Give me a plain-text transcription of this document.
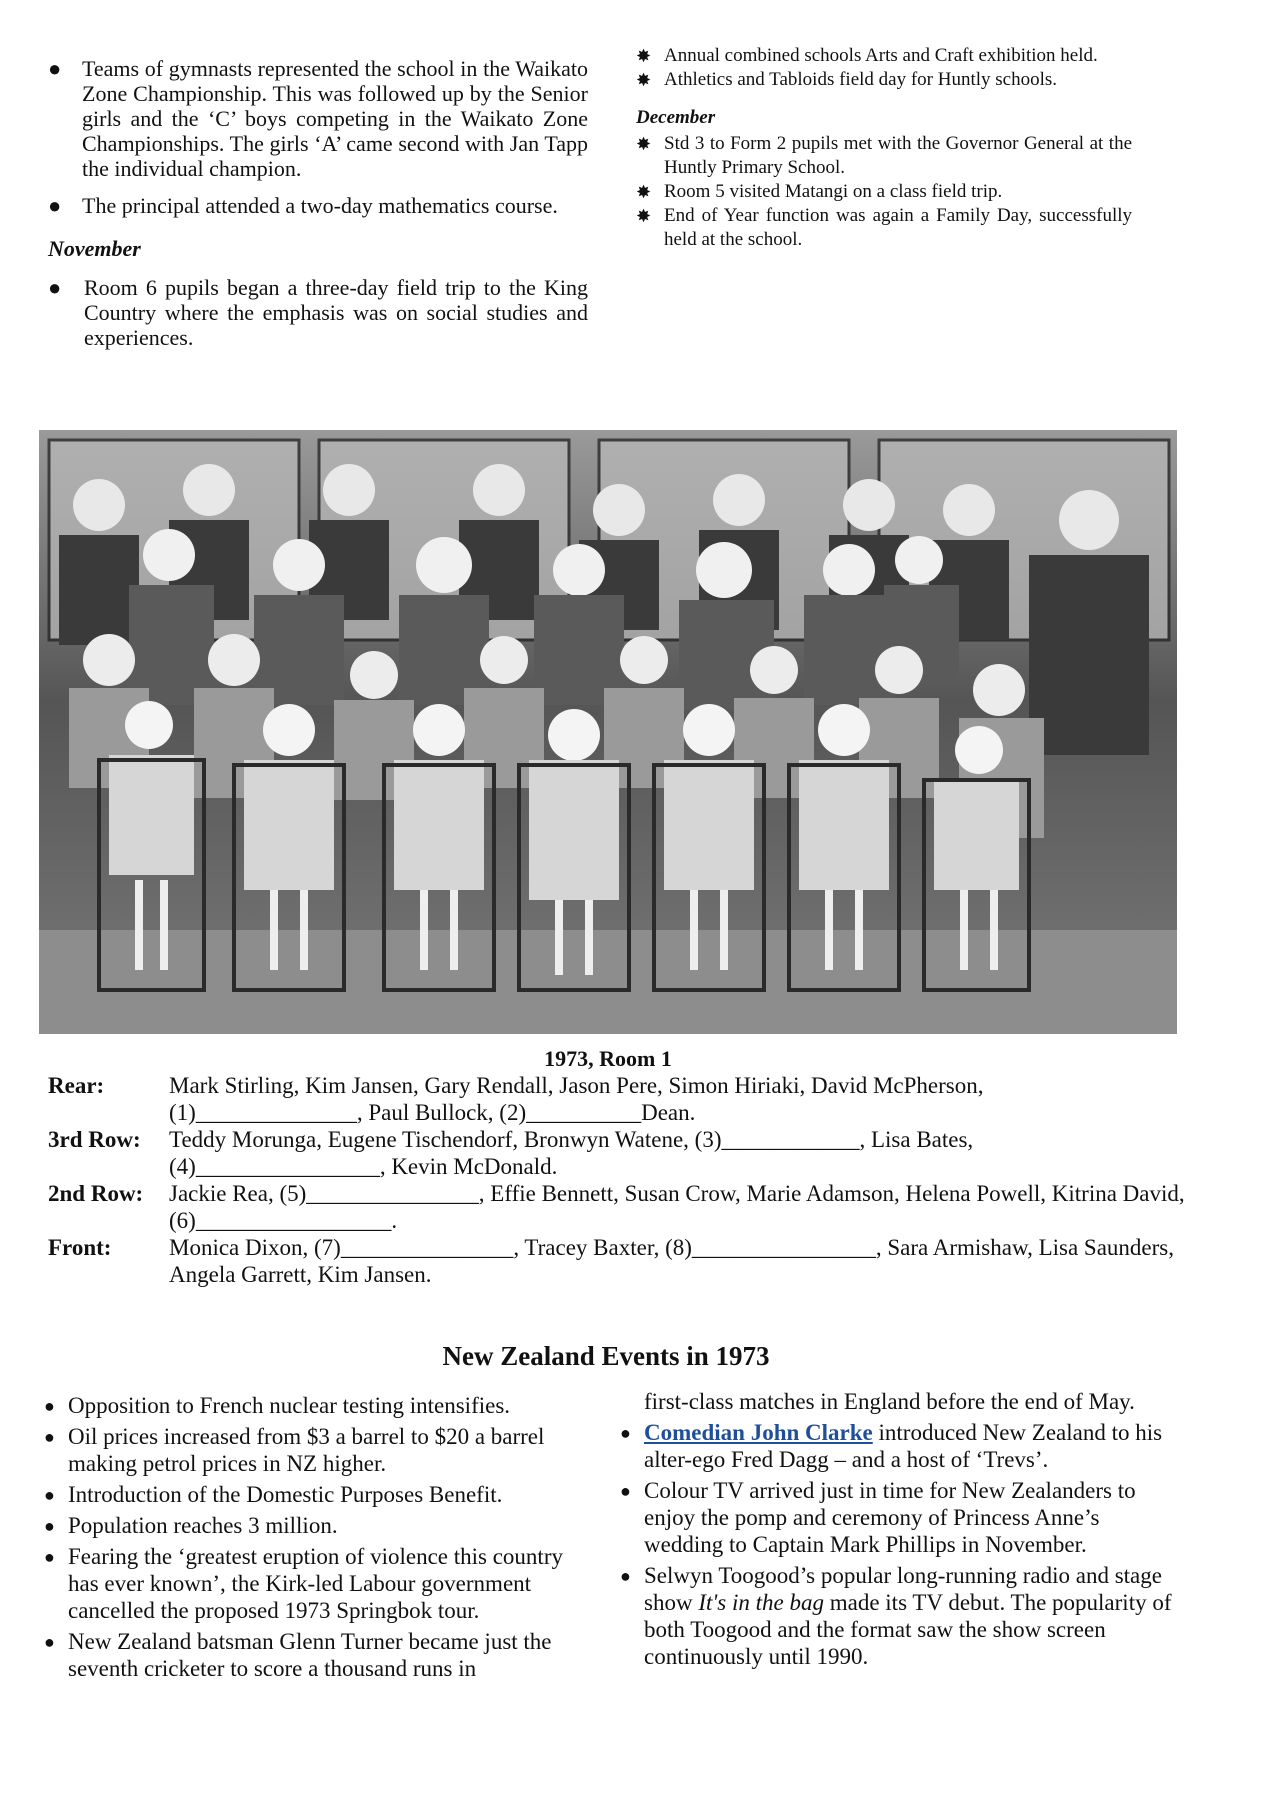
● Teams of gymnasts represented the school in the Waikato Zone Championship. This was followed up by the Senior girls and the ‘C’ boys competing in the Waikato Zone Championships. The girls ‘A’ came second with Jan Tapp the individual champion.
● The principal attended a two-day mathematics course.
November
● Room 6 pupils began a three-day field trip to the King Country where the emphasis was on social studies and experiences.
✸ Annual combined schools Arts and Craft exhibition held.
✸ Athletics and Tabloids field day for Huntly schools.
December
✸ Std 3 to Form 2 pupils met with the Governor General at the Huntly Primary School.
✸ Room 5 visited Matangi on a class field trip.
✸ End of Year function was again a Family Day, successfully held at the school.
1973, Room 1
Rear:	Mark Stirling, Kim Jansen, Gary Rendall, Jason Pere, Simon Hiriaki, David McPherson, (1)______________, Paul Bullock, (2)__________Dean.
3rd Row:	Teddy Morunga, Eugene Tischendorf, Bronwyn Watene, (3)____________, Lisa Bates, (4)________________, Kevin McDonald.
2nd Row:	Jackie Rea, (5)_______________, Effie Bennett, Susan Crow, Marie Adamson, Helena Powell, Kitrina David, (6)_________________.
Front:	Monica Dixon, (7)_______________, Tracey Baxter, (8)________________, Sara Armishaw, Lisa Saunders, Angela Garrett, Kim Jansen.
New Zealand Events in 1973
● Opposition to French nuclear testing intensifies.
● Oil prices increased from $3 a barrel to $20 a barrel making petrol prices in NZ higher.
● Introduction of the Domestic Purposes Benefit.
● Population reaches 3 million.
● Fearing the ‘greatest eruption of violence this country has ever known’, the Kirk-led Labour government cancelled the proposed 1973 Springbok tour.
● New Zealand batsman Glenn Turner became just the seventh cricketer to score a thousand runs in
first-class matches in England before the end of May.
● Comedian John Clarke introduced New Zealand to his alter-ego Fred Dagg – and a host of ‘Trevs’.
● Colour TV arrived just in time for New Zealanders to enjoy the pomp and ceremony of Princess Anne’s wedding to Captain Mark Phillips in November.
● Selwyn Toogood’s popular long-running radio and stage show It's in the bag made its TV debut. The popularity of both Toogood and the format saw the show screen continuously until 1990.
